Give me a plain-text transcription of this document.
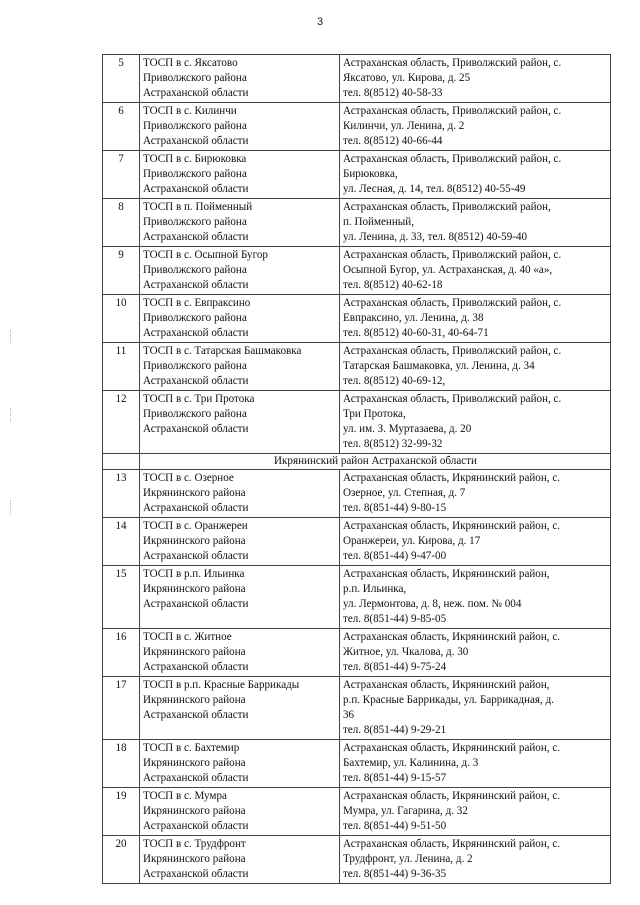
3
5	ТОСП в с. Яксатово
Приволжского района
Астраханской области	Астраханская область, Приволжский район, с.
Яксатово, ул. Кирова, д. 25
тел. 8(8512) 40-58-33
6	ТОСП в с. Килинчи
Приволжского района
Астраханской области	Астраханская область, Приволжский район, с.
Килинчи, ул. Ленина, д. 2
тел. 8(8512) 40-66-44
7	ТОСП в с. Бирюковка
Приволжского района
Астраханской области	Астраханская область, Приволжский район, с.
Бирюковка,
ул. Лесная, д. 14, тел. 8(8512) 40-55-49
8	ТОСП в п. Пойменный
Приволжского района
Астраханской области	Астраханская область, Приволжский район,
п. Пойменный,
ул. Ленина, д. 33, тел. 8(8512) 40-59-40
9	ТОСП в с. Осыпной Бугор
Приволжского района
Астраханской области	Астраханская область, Приволжский район, с.
Осыпной Бугор, ул. Астраханская, д. 40 «а»,
тел. 8(8512) 40-62-18
10	ТОСП в с. Евпраксино
Приволжского района
Астраханской области	Астраханская область, Приволжский район, с.
Евпраксино, ул. Ленина, д. 38
тел. 8(8512) 40-60-31, 40-64-71
11	ТОСП в с. Татарская Башмаковка
Приволжского района
Астраханской области	Астраханская область, Приволжский район, с.
Татарская Башмаковка, ул. Ленина, д. 34
тел. 8(8512) 40-69-12,
12	ТОСП в с. Три Протока
Приволжского района
Астраханской области	Астраханская область, Приволжский район, с.
Три Протока,
ул. им. З. Муртазаева, д. 20
тел. 8(8512) 32-99-32
	Икрянинский район Астраханской области	
13	ТОСП в с. Озерное
Икрянинского района
Астраханской области	Астраханская область, Икрянинский район, с.
Озерное, ул. Степная, д. 7
тел. 8(851-44) 9-80-15
14	ТОСП в с. Оранжереи
Икрянинского района
Астраханской области	Астраханская область, Икрянинский район, с.
Оранжереи, ул. Кирова, д. 17
тел. 8(851-44) 9-47-00
15	ТОСП в р.п. Ильинка
Икрянинского района
Астраханской области	Астраханская область, Икрянинский район,
р.п. Ильинка,
ул. Лермонтова, д. 8, неж. пом. № 004
тел. 8(851-44) 9-85-05
16	ТОСП в с. Житное
Икрянинского района
Астраханской области	Астраханская область, Икрянинский район, с.
Житное, ул. Чкалова, д. 30
тел. 8(851-44) 9-75-24
17	ТОСП в р.п. Красные Баррикады
Икрянинского района
Астраханской области	Астраханская область, Икрянинский район,
р.п. Красные Баррикады, ул. Баррикадная, д.
36
тел. 8(851-44) 9-29-21
18	ТОСП в с. Бахтемир
Икрянинского района
Астраханской области	Астраханская область, Икрянинский район, с.
Бахтемир, ул. Калинина, д. 3
тел. 8(851-44) 9-15-57
19	ТОСП в с. Мумра
Икрянинского района
Астраханской области	Астраханская область, Икрянинский район, с.
Мумра, ул. Гагарина, д. 32
тел. 8(851-44) 9-51-50
20	ТОСП в с. Трудфронт
Икрянинского района
Астраханской области	Астраханская область, Икрянинский район, с.
Трудфронт, ул. Ленина, д. 2
тел. 8(851-44) 9-36-35
